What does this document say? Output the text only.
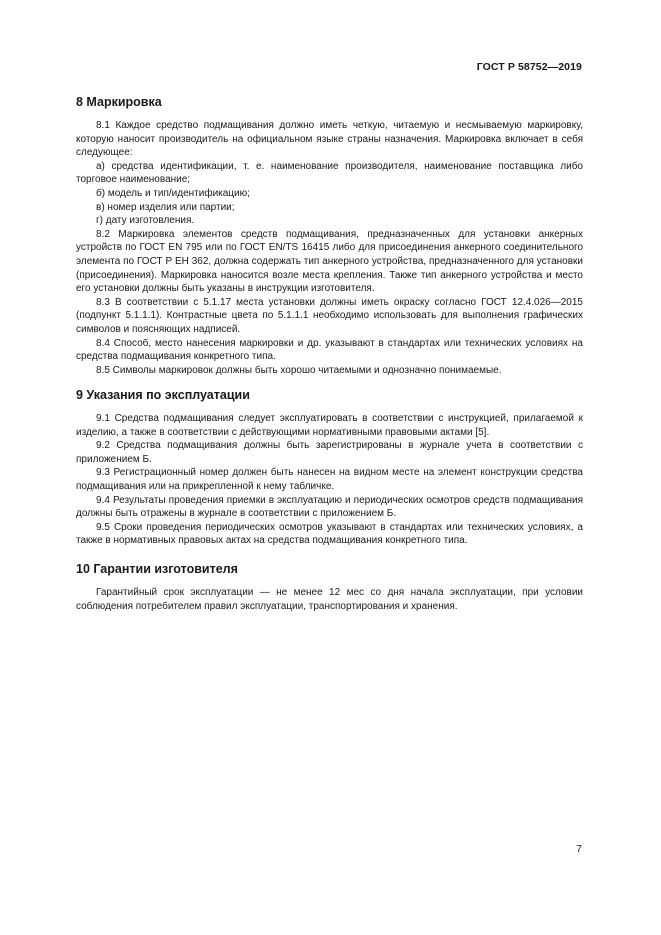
ГОСТ Р 58752—2019
8 Маркировка

8.1 Каждое средство подмащивания должно иметь четкую, читаемую и несмываемую маркировку, которую наносит производитель на официальном языке страны назначения. Маркировка включает в себя следующее:

а) средства идентификации, т. е. наименование производителя, наименование поставщика либо торговое наименование;

б) модель и тип/идентификацию;

в) номер изделия или партии;

г) дату изготовления.

8.2 Маркировка элементов средств подмащивания, предназначенных для установки анкерных устройств по ГОСТ EN 795 или по ГОСТ EN/TS 16415 либо для присоединения анкерного соединительного элемента по ГОСТ Р ЕН 362, должна содержать тип анкерного устройства, предназначенного для установки (присоединения). Маркировка наносится возле места крепления. Также тип анкерного устройства и место его установки должны быть указаны в инструкции изготовителя.

8.3 В соответствии с 5.1.17 места установки должны иметь окраску согласно ГОСТ 12.4.026—2015 (подпункт 5.1.1.1). Контрастные цвета по 5.1.1.1 необходимо использовать для выполнения графических символов и поясняющих надписей.

8.4 Способ, место нанесения маркировки и др. указывают в стандартах или технических условиях на средства подмащивания конкретного типа.

8.5 Символы маркировок должны быть хорошо читаемыми и однозначно понимаемые.

9 Указания по эксплуатации

9.1 Средства подмащивания следует эксплуатировать в соответствии с инструкцией, прилагаемой к изделию, а также в соответствии с действующими нормативными правовыми актами [5].

9.2 Средства подмащивания должны быть зарегистрированы в журнале учета в соответствии с приложением Б.

9.3 Регистрационный номер должен быть нанесен на видном месте на элемент конструкции средства подмащивания или на прикрепленной к нему табличке.

9.4 Результаты проведения приемки в эксплуатацию и периодических осмотров средств подмащивания должны быть отражены в журнале в соответствии с приложением Б.

9.5 Сроки проведения периодических осмотров указывают в стандартах или технических условиях, а также в нормативных правовых актах на средства подмащивания конкретного типа.

10 Гарантии изготовителя

Гарантийный срок эксплуатации — не менее 12 мес со дня начала эксплуатации, при условии соблюдения потребителем правил эксплуатации, транспортирования и хранения.

7
